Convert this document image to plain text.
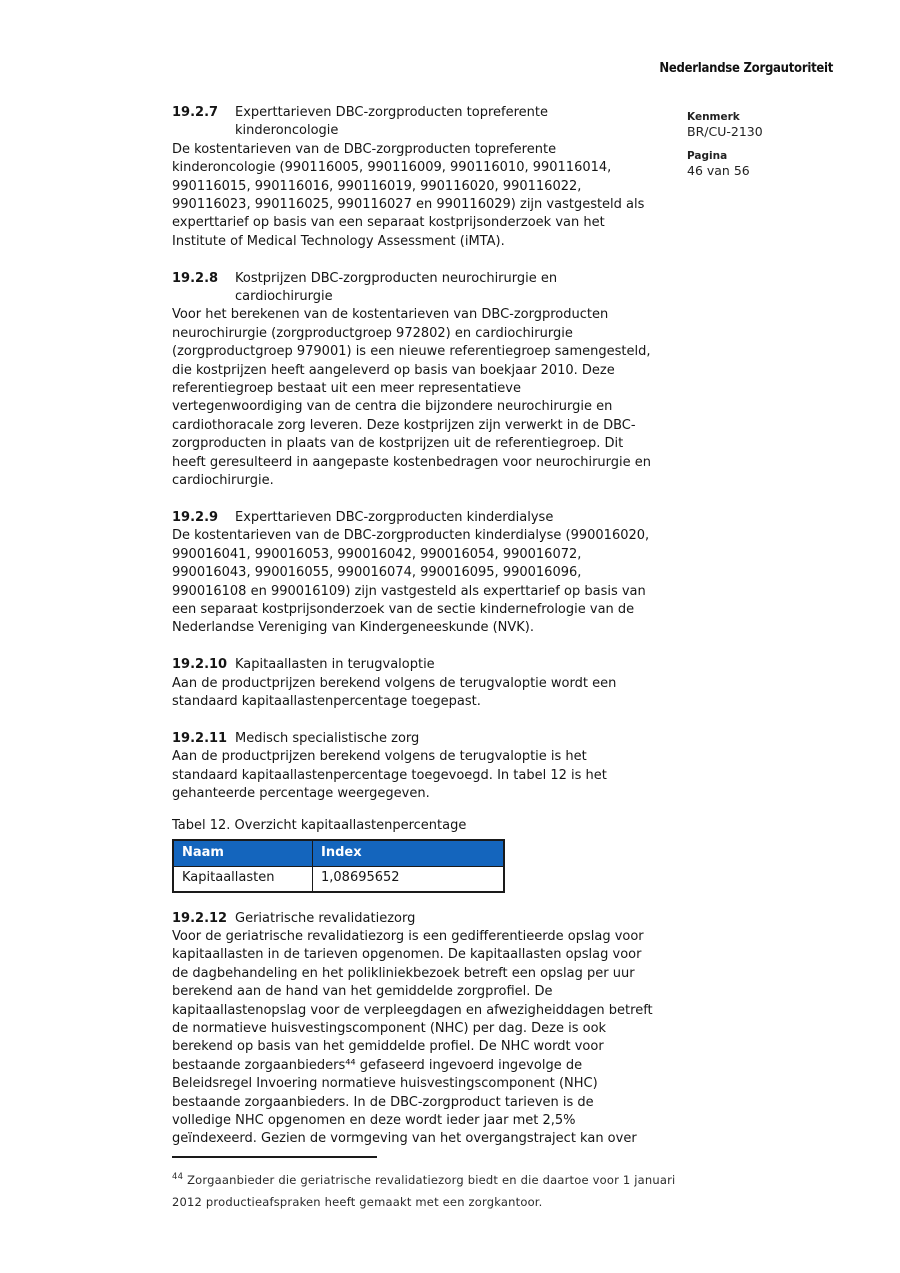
Nederlandse Zorgautoriteit
Kenmerk
BR/CU-2130
Pagina
46 van 56
19.2.7	Experttarieven DBC-zorgproducten topreferente
kinderoncologie
De kostentarieven van de DBC-zorgproducten topreferente
kinderoncologie (990116005, 990116009, 990116010, 990116014,
990116015, 990116016, 990116019, 990116020, 990116022,
990116023, 990116025, 990116027 en 990116029) zijn vastgesteld als
experttarief op basis van een separaat kostprijsonderzoek van het
Institute of Medical Technology Assessment (iMTA).
19.2.8	Kostprijzen DBC-zorgproducten neurochirurgie en
cardiochirurgie
Voor het berekenen van de kostentarieven van DBC-zorgproducten
neurochirurgie (zorgproductgroep 972802) en cardiochirurgie
(zorgproductgroep 979001) is een nieuwe referentiegroep samengesteld,
die kostprijzen heeft aangeleverd op basis van boekjaar 2010. Deze
referentiegroep bestaat uit een meer representatieve
vertegenwoordiging van de centra die bijzondere neurochirurgie en
cardiothoracale zorg leveren. Deze kostprijzen zijn verwerkt in de DBC-
zorgproducten in plaats van de kostprijzen uit de referentiegroep. Dit
heeft geresulteerd in aangepaste kostenbedragen voor neurochirurgie en
cardiochirurgie.
19.2.9	Experttarieven DBC-zorgproducten kinderdialyse
De kostentarieven van de DBC-zorgproducten kinderdialyse (990016020,
990016041, 990016053, 990016042, 990016054, 990016072,
990016043, 990016055, 990016074, 990016095, 990016096,
990016108 en 990016109) zijn vastgesteld als experttarief op basis van
een separaat kostprijsonderzoek van de sectie kindernefrologie van de
Nederlandse Vereniging van Kindergeneeskunde (NVK).
19.2.10 Kapitaallasten in terugvaloptie
Aan de productprijzen berekend volgens de terugvaloptie wordt een
standaard kapitaallastenpercentage toegepast.
19.2.11 Medisch specialistische zorg
Aan de productprijzen berekend volgens de terugvaloptie is het
standaard kapitaallastenpercentage toegevoegd. In tabel 12 is het
gehanteerde percentage weergegeven.
Tabel 12. Overzicht kapitaallastenpercentage
Naam	Index
Kapitaallasten	1,08695652
19.2.12 Geriatrische revalidatiezorg
Voor de geriatrische revalidatiezorg is een gedifferentieerde opslag voor
kapitaallasten in de tarieven opgenomen. De kapitaallasten opslag voor
de dagbehandeling en het polikliniekbezoek betreft een opslag per uur
berekend aan de hand van het gemiddelde zorgprofiel. De
kapitaallastenopslag voor de verpleegdagen en afwezigheiddagen betreft
de normatieve huisvestingscomponent (NHC) per dag. Deze is ook
berekend op basis van het gemiddelde profiel. De NHC wordt voor
bestaande zorgaanbieders⁴⁴ gefaseerd ingevoerd ingevolge de
Beleidsregel Invoering normatieve huisvestingscomponent (NHC)
bestaande zorgaanbieders. In de DBC-zorgproduct tarieven is de
volledige NHC opgenomen en deze wordt ieder jaar met 2,5%
geïndexeerd. Gezien de vormgeving van het overgangstraject kan over
$^{44}$ Zorgaanbieder die geriatrische revalidatiezorg biedt en die daartoe voor 1 januari
2012 productieafspraken heeft gemaakt met een zorgkantoor.
